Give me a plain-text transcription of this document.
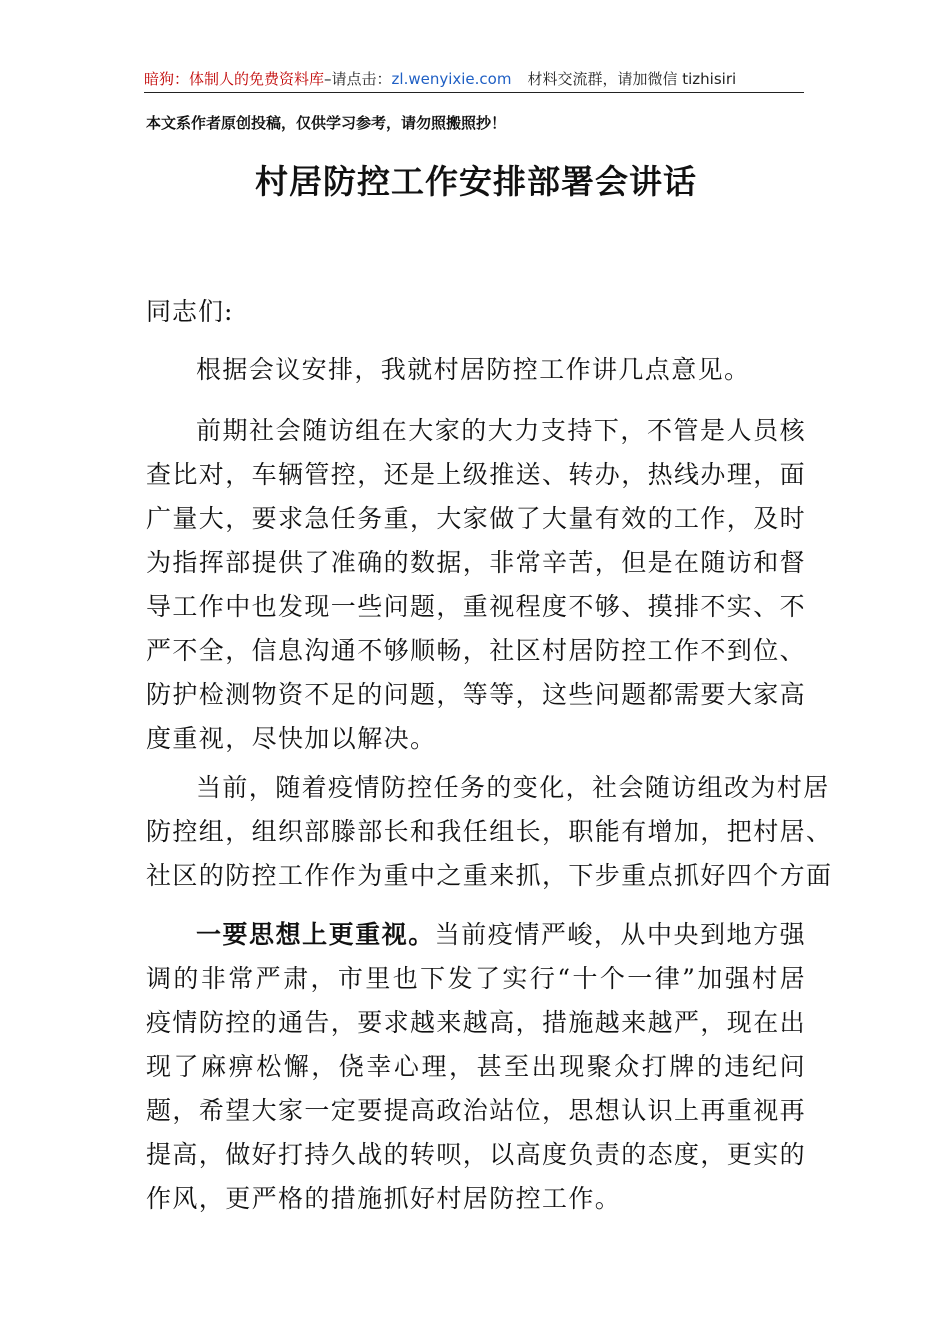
暗狗：体制人的免费资料库–请点击：zl.wenyixie.com 材料交流群，请加微信 tizhisiri
本文系作者原创投稿，仅供学习参考，请勿照搬照抄！
村居防控工作安排部署会讲话
同志们:

根据会议安排，我就村居防控工作讲几点意见。

前期社会随访组在大家的大力支持下，不管是人员核查比对，车辆管控，还是上级推送、转办，热线办理，面广量大，要求急任务重，大家做了大量有效的工作，及时为指挥部提供了准确的数据，非常辛苦，但是在随访和督导工作中也发现一些问题，重视程度不够、摸排不实、不严不全，信息沟通不够顺畅，社区村居防控工作不到位、防护检测物资不足的问题，等等，这些问题都需要大家高度重视，尽快加以解决。

当前，随着疫情防控任务的变化，社会随访组改为村居
防控组，组织部滕部长和我任组长，职能有增加，把村居、
社区的防控工作作为重中之重来抓，下步重点抓好四个方面

一要思想上更重视。当前疫情严峻，从中央到地方强调的非常严肃，市里也下发了实行“十个一律”加强村居疫情防控的通告，要求越来越高，措施越来越严，现在出现了麻痹松懈，侥幸心理，甚至出现聚众打牌的违纪问题，希望大家一定要提高政治站位，思想认识上再重视再提高，做好打持久战的转呗，以高度负责的态度，更实的作风，更严格的措施抓好村居防控工作。
